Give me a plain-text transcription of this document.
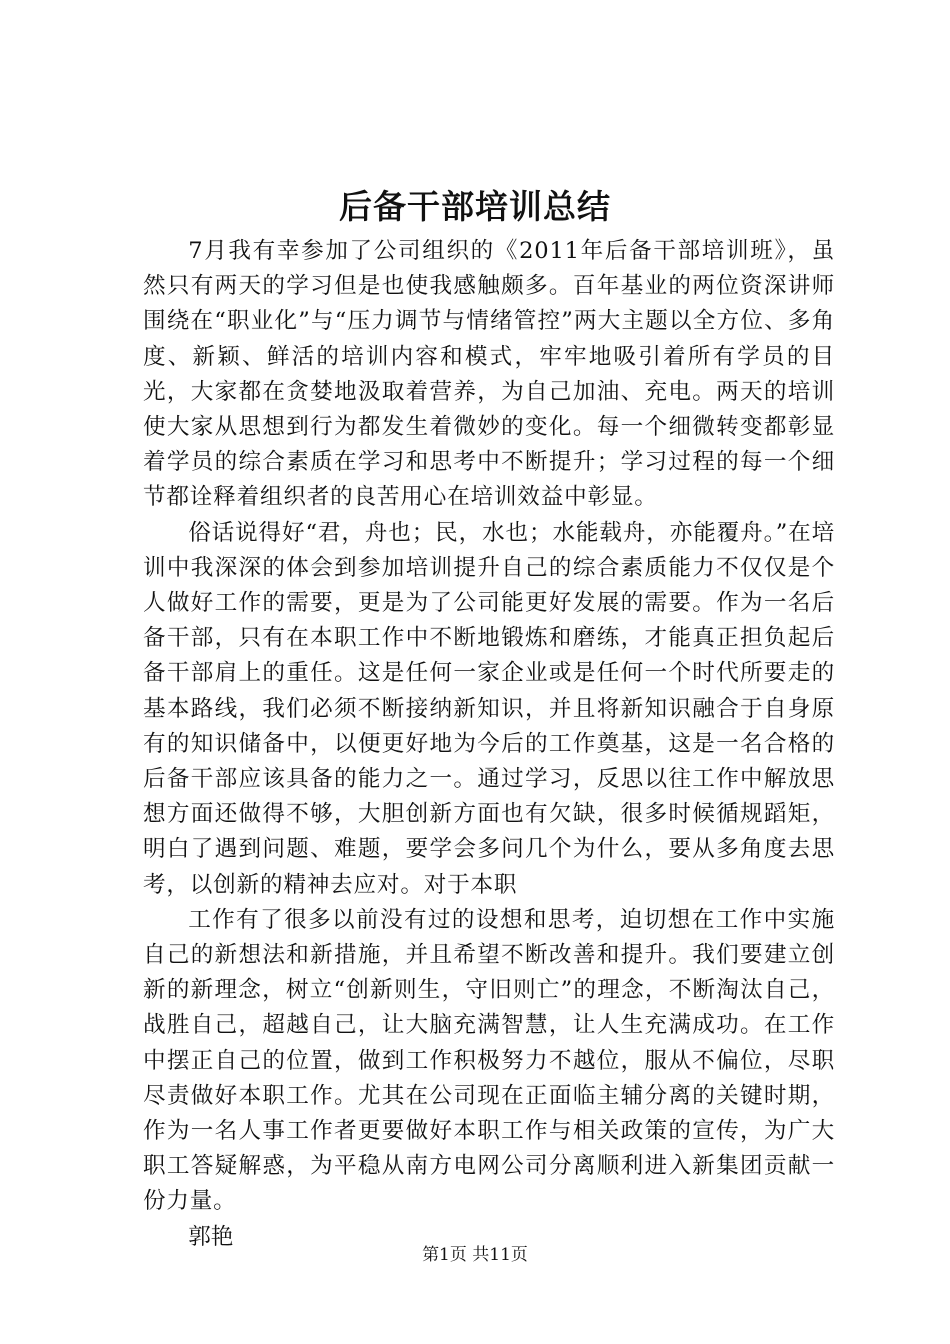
后备干部培训总结

7月我有幸参加了公司组织的《2011年后备干部培训班》，虽然只有两天的学习但是也使我感触颇多。百年基业的两位资深讲师围绕在“职业化”与“压力调节与情绪管控”两大主题以全方位、多角度、新颖、鲜活的培训内容和模式，牢牢地吸引着所有学员的目光，大家都在贪婪地汲取着营养，为自己加油、充电。两天的培训使大家从思想到行为都发生着微妙的变化。每一个细微转变都彰显着学员的综合素质在学习和思考中不断提升；学习过程的每一个细节都诠释着组织者的良苦用心在培训效益中彰显。

俗话说得好“君，舟也；民，水也；水能载舟，亦能覆舟。”在培训中我深深的体会到参加培训提升自己的综合素质能力不仅仅是个人做好工作的需要，更是为了公司能更好发展的需要。作为一名后备干部，只有在本职工作中不断地锻炼和磨练，才能真正担负起后备干部肩上的重任。这是任何一家企业或是任何一个时代所要走的基本路线，我们必须不断接纳新知识，并且将新知识融合于自身原有的知识储备中，以便更好地为今后的工作奠基，这是一名合格的后备干部应该具备的能力之一。通过学习，反思以往工作中解放思想方面还做得不够，大胆创新方面也有欠缺，很多时候循规蹈矩，明白了遇到问题、难题，要学会多问几个为什么，要从多角度去思考，以创新的精神去应对。对于本职

工作有了很多以前没有过的设想和思考，迫切想在工作中实施自己的新想法和新措施，并且希望不断改善和提升。我们要建立创新的新理念，树立“创新则生，守旧则亡”的理念，不断淘汰自己，战胜自己，超越自己，让大脑充满智慧，让人生充满成功。在工作中摆正自己的位置，做到工作积极努力不越位，服从不偏位，尽职尽责做好本职工作。尤其在公司现在正面临主辅分离的关键时期，作为一名人事工作者更要做好本职工作与相关政策的宣传，为广大职工答疑解惑，为平稳从南方电网公司分离顺利进入新集团贡献一份力量。

郭艳

第1页 共11页
